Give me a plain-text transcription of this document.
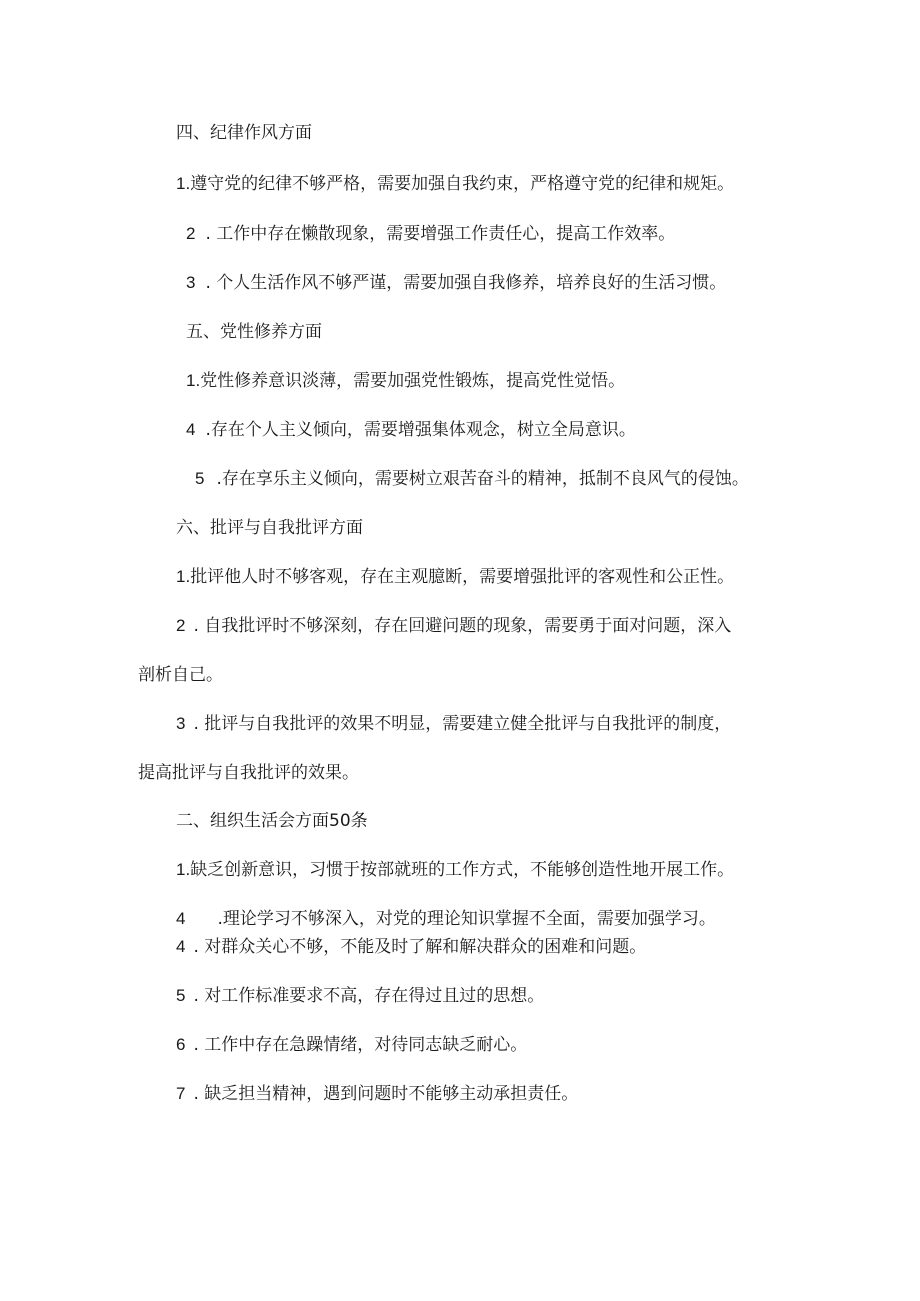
四、纪律作风方面
1.遵守党的纪律不够严格，需要加强自我约束，严格遵守党的纪律和规矩。
2 . 工作中存在懒散现象，需要增强工作责任心，提高工作效率。
3 . 个人生活作风不够严谨，需要加强自我修养，培养良好的生活习惯。
五、党性修养方面
1.党性修养意识淡薄，需要加强党性锻炼，提高党性觉悟。
4 .存在个人主义倾向，需要增强集体观念，树立全局意识。
5 .存在享乐主义倾向，需要树立艰苦奋斗的精神，抵制不良风气的侵蚀。
六、批评与自我批评方面
1.批评他人时不够客观，存在主观臆断，需要增强批评的客观性和公正性。
2 . 自我批评时不够深刻，存在回避问题的现象，需要勇于面对问题，深入
剖析自己。
3 . 批评与自我批评的效果不明显，需要建立健全批评与自我批评的制度，
提高批评与自我批评的效果。
二、组织生活会方面50条
1.缺乏创新意识，习惯于按部就班的工作方式，不能够创造性地开展工作。
4 .理论学习不够深入，对党的理论知识掌握不全面，需要加强学习。
4 . 对群众关心不够，不能及时了解和解决群众的困难和问题。
5 . 对工作标准要求不高，存在得过且过的思想。
6 . 工作中存在急躁情绪，对待同志缺乏耐心。
7 . 缺乏担当精神，遇到问题时不能够主动承担责任。
